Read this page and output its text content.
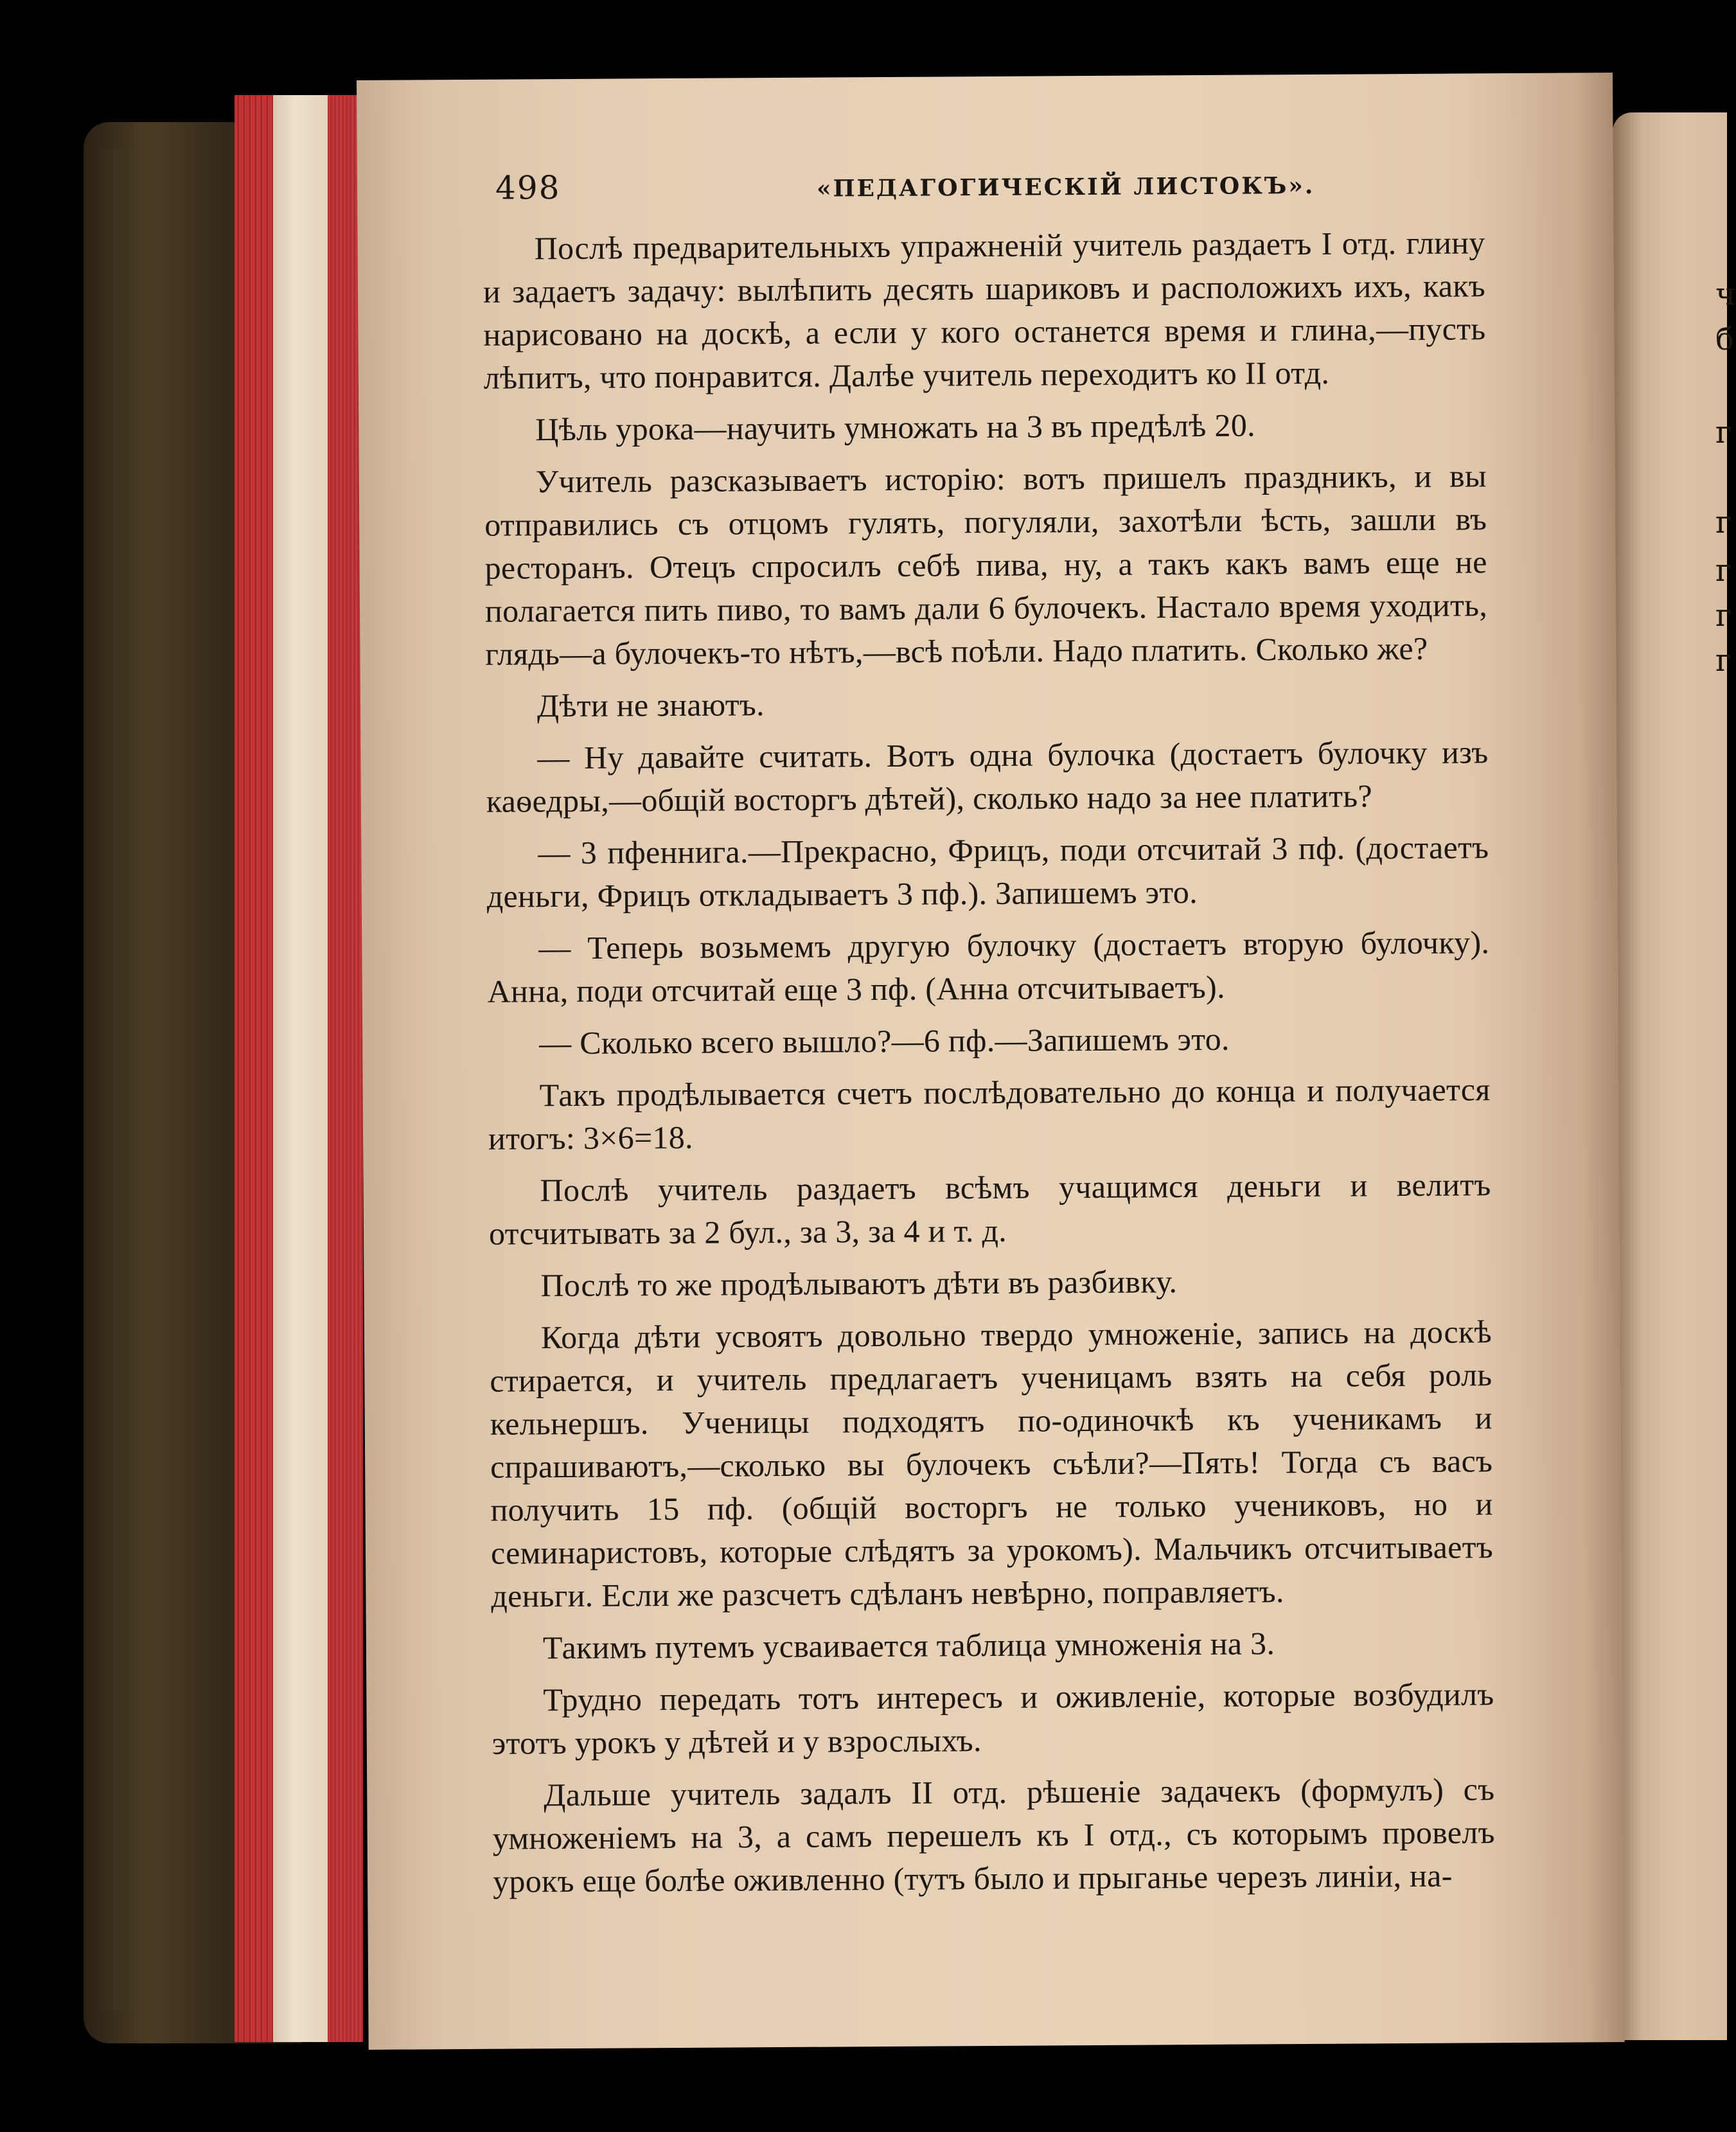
ч
б
г
г
г
г
г
498	«ПЕДАГОГИЧЕСКIЙ ЛИСТОКЪ».

Послѣ предварительныхъ упражненiй учитель раздаетъ I отд. глину и задаетъ задачу: вылѣпить десять шариковъ и расположихъ ихъ, какъ нарисовано на доскѣ, а если у кого останется время и глина,—пусть лѣпитъ, что понравится. Далѣе учитель переходитъ ко II отд.

Цѣль урока—научить умножать на 3 въ предѣлѣ 20.

Учитель разсказываетъ исторiю: вотъ пришелъ праздникъ, и вы отправились съ отцомъ гулять, погуляли, захотѣли ѣсть, зашли въ ресторанъ. Отецъ спросилъ себѣ пива, ну, а такъ какъ вамъ еще не полагается пить пиво, то вамъ дали 6 булочекъ. Настало время уходить, глядь—а булочекъ-то нѣтъ,—всѣ поѣли. Надо платить. Сколько же?

Дѣти не знаютъ.

— Ну давайте считать. Вотъ одна булочка (достаетъ булочку изъ каѳедры,—общiй восторгъ дѣтей), сколько надо за нее платить?

— 3 пфеннига.—Прекрасно, Фрицъ, поди отсчитай 3 пф. (достаетъ деньги, Фрицъ откладываетъ 3 пф.). Запишемъ это.

— Теперь возьмемъ другую булочку (достаетъ вторую булочку). Анна, поди отсчитай еще 3 пф. (Анна отсчитываетъ).

— Сколько всего вышло?—6 пф.—Запишемъ это.

Такъ продѣлывается счетъ послѣдовательно до конца и получается итогъ: 3×6=18.

Послѣ учитель раздаетъ всѣмъ учащимся деньги и велитъ отсчитывать за 2 бул., за 3, за 4 и т. д.

Послѣ то же продѣлываютъ дѣти въ разбивку.

Когда дѣти усвоятъ довольно твердо умноженiе, запись на доскѣ стирается, и учитель предлагаетъ ученицамъ взять на себя роль кельнершъ. Ученицы подходятъ по-одиночкѣ къ ученикамъ и спрашиваютъ,—сколько вы булочекъ съѣли?—Пять! Тогда съ васъ получить 15 пф. (общiй восторгъ не только учениковъ, но и семинаристовъ, которые слѣдятъ за урокомъ). Мальчикъ отсчитываетъ деньги. Если же разсчетъ сдѣланъ невѣрно, поправляетъ.

Такимъ путемъ усваивается таблица умноженiя на 3.

Трудно передать тотъ интересъ и оживленiе, которые возбудилъ этотъ урокъ у дѣтей и у взрослыхъ.

Дальше учитель задалъ II отд. рѣшенiе задачекъ (формулъ) съ умноженiемъ на 3, а самъ перешелъ къ I отд., съ которымъ провелъ урокъ еще болѣе оживленно (тутъ было и прыганье черезъ линiи, на-
